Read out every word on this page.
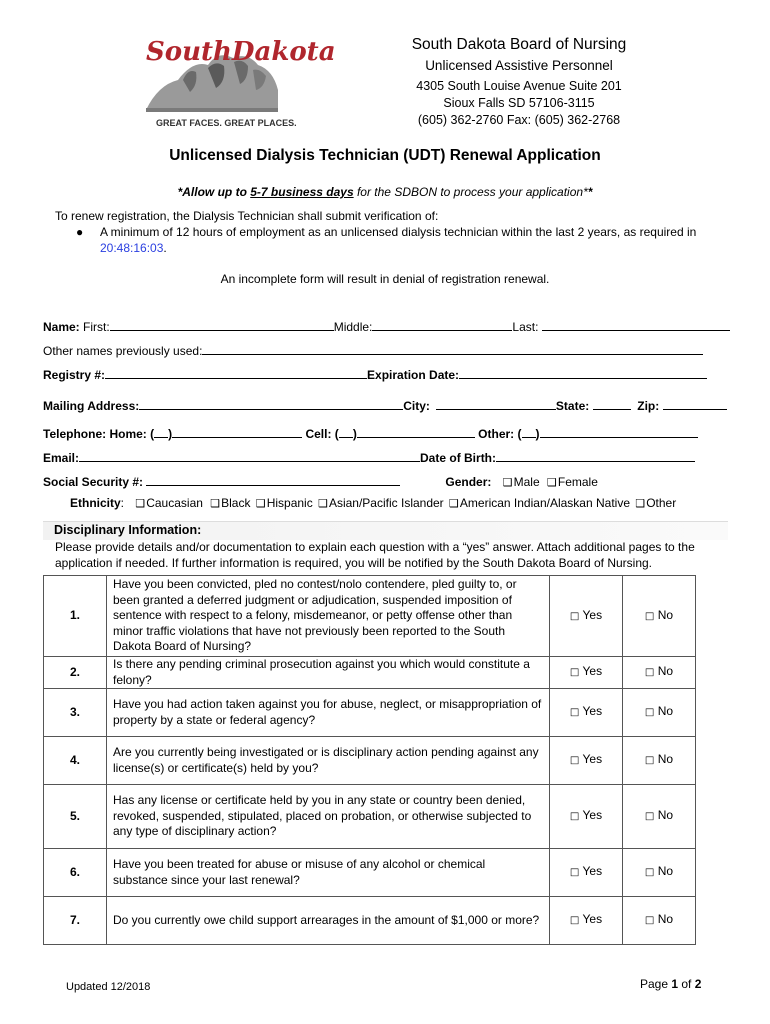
SouthDakota
GREAT FACES. GREAT PLACES.
South Dakota Board of Nursing
Unlicensed Assistive Personnel
4305 South Louise Avenue Suite 201
Sioux Falls SD 57106-3115
(605) 362-2760 Fax: (605) 362-2768
Unlicensed Dialysis Technician (UDT) Renewal Application
*Allow up to 5-7 business days for the SDBON to process your application**
To renew registration, the Dialysis Technician shall submit verification of:
● A minimum of 12 hours of employment as an unlicensed dialysis technician within the last 2 years, as required in
20:48:16:03.
An incomplete form will result in denial of registration renewal.
Name: First:	Middle:	Last:
Other names previously used:
Registry #:	Expiration Date:
Mailing Address:	City:	State:	Zip:
Telephone: Home: ( )	Cell: ( )	Other: ( )
Email:	Date of Birth:
Social Security #:	Gender: ❑Male ❑Female
Ethnicity: ❑Caucasian ❑Black ❑Hispanic ❑Asian/Pacific Islander ❑American Indian/Alaskan Native ❑Other
Disciplinary Information:
Please provide details and/or documentation to explain each question with a “yes” answer. Attach additional pages to the application if needed. If further information is required, you will be notified by the South Dakota Board of Nursing.
1.	Have you been convicted, pled no contest/nolo contendere, pled guilty to, or been granted a deferred judgment or adjudication, suspended imposition of sentence with respect to a felony, misdemeanor, or petty offense other than minor traffic violations that have not previously been reported to the South Dakota Board of Nursing?	□ Yes	□ No
2.	Is there any pending criminal prosecution against you which would constitute a felony?	□ Yes	□ No
3.	Have you had action taken against you for abuse, neglect, or misappropriation of property by a state or federal agency?	□ Yes	□ No
4.	Are you currently being investigated or is disciplinary action pending against any license(s) or certificate(s) held by you?	□ Yes	□ No
5.	Has any license or certificate held by you in any state or country been denied, revoked, suspended, stipulated, placed on probation, or otherwise subjected to any type of disciplinary action?	□ Yes	□ No
6.	Have you been treated for abuse or misuse of any alcohol or chemical substance since your last renewal?	□ Yes	□ No
7.	Do you currently owe child support arrearages in the amount of $1,000 or more?	□ Yes	□ No
Updated 12/2018	Page 1 of 2
